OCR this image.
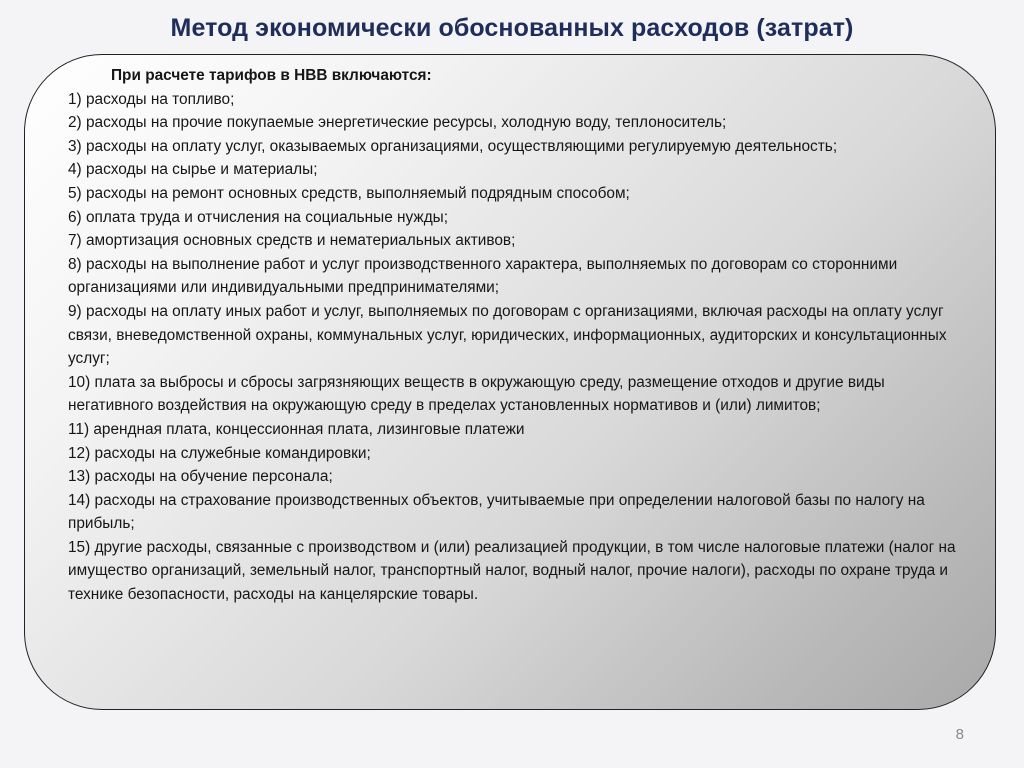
Метод экономически обоснованных расходов (затрат)
При расчете тарифов в НВВ включаются:
1) расходы на топливо;
2) расходы на прочие покупаемые энергетические ресурсы, холодную воду, теплоноситель;
3) расходы на оплату услуг, оказываемых организациями, осуществляющими регулируемую деятельность;
4) расходы на сырье и материалы;
5) расходы на ремонт основных средств, выполняемый подрядным способом;
6) оплата труда и отчисления на социальные нужды;
7) амортизация основных средств и нематериальных активов;
8) расходы на выполнение работ и услуг производственного характера, выполняемых по договорам со сторонними организациями или индивидуальными предпринимателями;
9) расходы на оплату иных работ и услуг, выполняемых по договорам с организациями, включая расходы на оплату услуг связи, вневедомственной охраны, коммунальных услуг, юридических, информационных, аудиторских и консультационных услуг;
10) плата за выбросы и сбросы загрязняющих веществ в окружающую среду, размещение отходов и другие виды негативного воздействия на окружающую среду в пределах установленных нормативов и (или) лимитов;
11) арендная плата, концессионная плата, лизинговые платежи
12) расходы на служебные командировки;
13) расходы на обучение персонала;
14) расходы на страхование производственных объектов, учитываемые при определении налоговой базы по налогу на прибыль;
15) другие расходы, связанные с производством и (или) реализацией продукции, в том числе налоговые платежи (налог на имущество организаций, земельный налог, транспортный налог, водный налог, прочие налоги), расходы по охране труда и технике безопасности, расходы на канцелярские товары.
8
